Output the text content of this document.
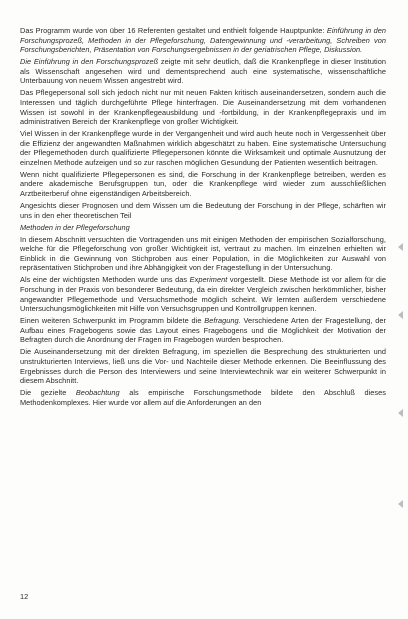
Das Programm wurde von über 16 Referenten gestaltet und enthielt folgende Hauptpunkte: Einführung in den Forschungsprozeß, Methoden in der Pflegeforschung, Datengewinnung und -verarbeitung, Schreiben von Forschungsberichten, Präsentation von Forschungsergebnissen in der geriatrischen Pflege, Diskussion.

Die Einführung in den Forschungsprozeß zeigte mit sehr deutlich, daß die Krankenpflege in dieser Institution als Wissenschaft angesehen wird und dementsprechend auch eine systematische, wissenschaftliche Unterbauung von neuem Wissen angestrebt wird.

Das Pflegepersonal soll sich jedoch nicht nur mit neuen Fakten kritisch auseinandersetzen, sondern auch die Interessen und täglich durchgeführte Pflege hinterfragen. Die Auseinandersetzung mit dem vorhandenen Wissen ist sowohl in der Krankenpflegeausbildung und -fortbildung, in der Krankenpflegepraxis und im administrativen Bereich der Krankenpflege von großer Wichtigkeit.

Viel Wissen in der Krankenpflege wurde in der Vergangenheit und wird auch heute noch in Vergessenheit über die Effizienz der angewandten Maßnahmen wirklich abgeschätzt zu haben. Eine systematische Untersuchung der Pflegemethoden durch qualifizierte Pflegepersonen könnte die Wirksamkeit und optimale Ausnutzung der einzelnen Methode aufzeigen und so zur raschen möglichen Gesundung der Patienten wesentlich beitragen.

Wenn nicht qualifizierte Pflegepersonen es sind, die Forschung in der Krankenpflege betreiben, werden es andere akademische Berufsgruppen tun, oder die Krankenpflege wird wieder zum ausschließlichen Arztbeiterberuf ohne eigenständigen Arbeitsbereich.

Angesichts dieser Prognosen und dem Wissen um die Bedeutung der Forschung in der Pflege, schärften wir uns in den eher theoretischen Teil

Methoden in der Pflegeforschung

In diesem Abschnitt versuchten die Vortragenden uns mit einigen Methoden der empirischen Sozialforschung, welche für die Pflegeforschung von großer Wichtigkeit ist, vertraut zu machen. Im einzelnen erhielten wir Einblick in die Gewinnung von Stichproben aus einer Population, in die Möglichkeiten zur Auswahl von repräsentativen Stichproben und ihre Abhängigkeit von der Fragestellung in der Untersuchung.

Als eine der wichtigsten Methoden wurde uns das Experiment vorgestellt. Diese Methode ist vor allem für die Forschung in der Praxis von besonderer Bedeutung, da ein direkter Vergleich zwischen herkömmlicher, bisher angewandter Pflegemethode und Versuchsmethode möglich scheint. Wir lernten außerdem verschiedene Untersuchungsmöglichkeiten mit Hilfe von Versuchsgruppen und Kontrollgruppen kennen.

Einen weiteren Schwerpunkt im Programm bildete die Befragung. Verschiedene Arten der Fragestellung, der Aufbau eines Fragebogens sowie das Layout eines Fragebogens und die Möglichkeit der Motivation der Befragten durch die Anordnung der Fragen im Fragebogen wurden besprochen.

Die Auseinandersetzung mit der direkten Befragung, im speziellen die Besprechung des strukturierten und unstrukturierten Interviews, ließ uns die Vor- und Nachteile dieser Methode erkennen. Die Beeinflussung des Ergebnisses durch die Person des Interviewers und seine Interviewtechnik war ein weiterer Schwerpunkt in diesem Abschnitt.

Die gezielte Beobachtung als empirische Forschungsmethode bildete den Abschluß dieses Methodenkomplexes. Hier wurde vor allem auf die Anforderungen an den

12
